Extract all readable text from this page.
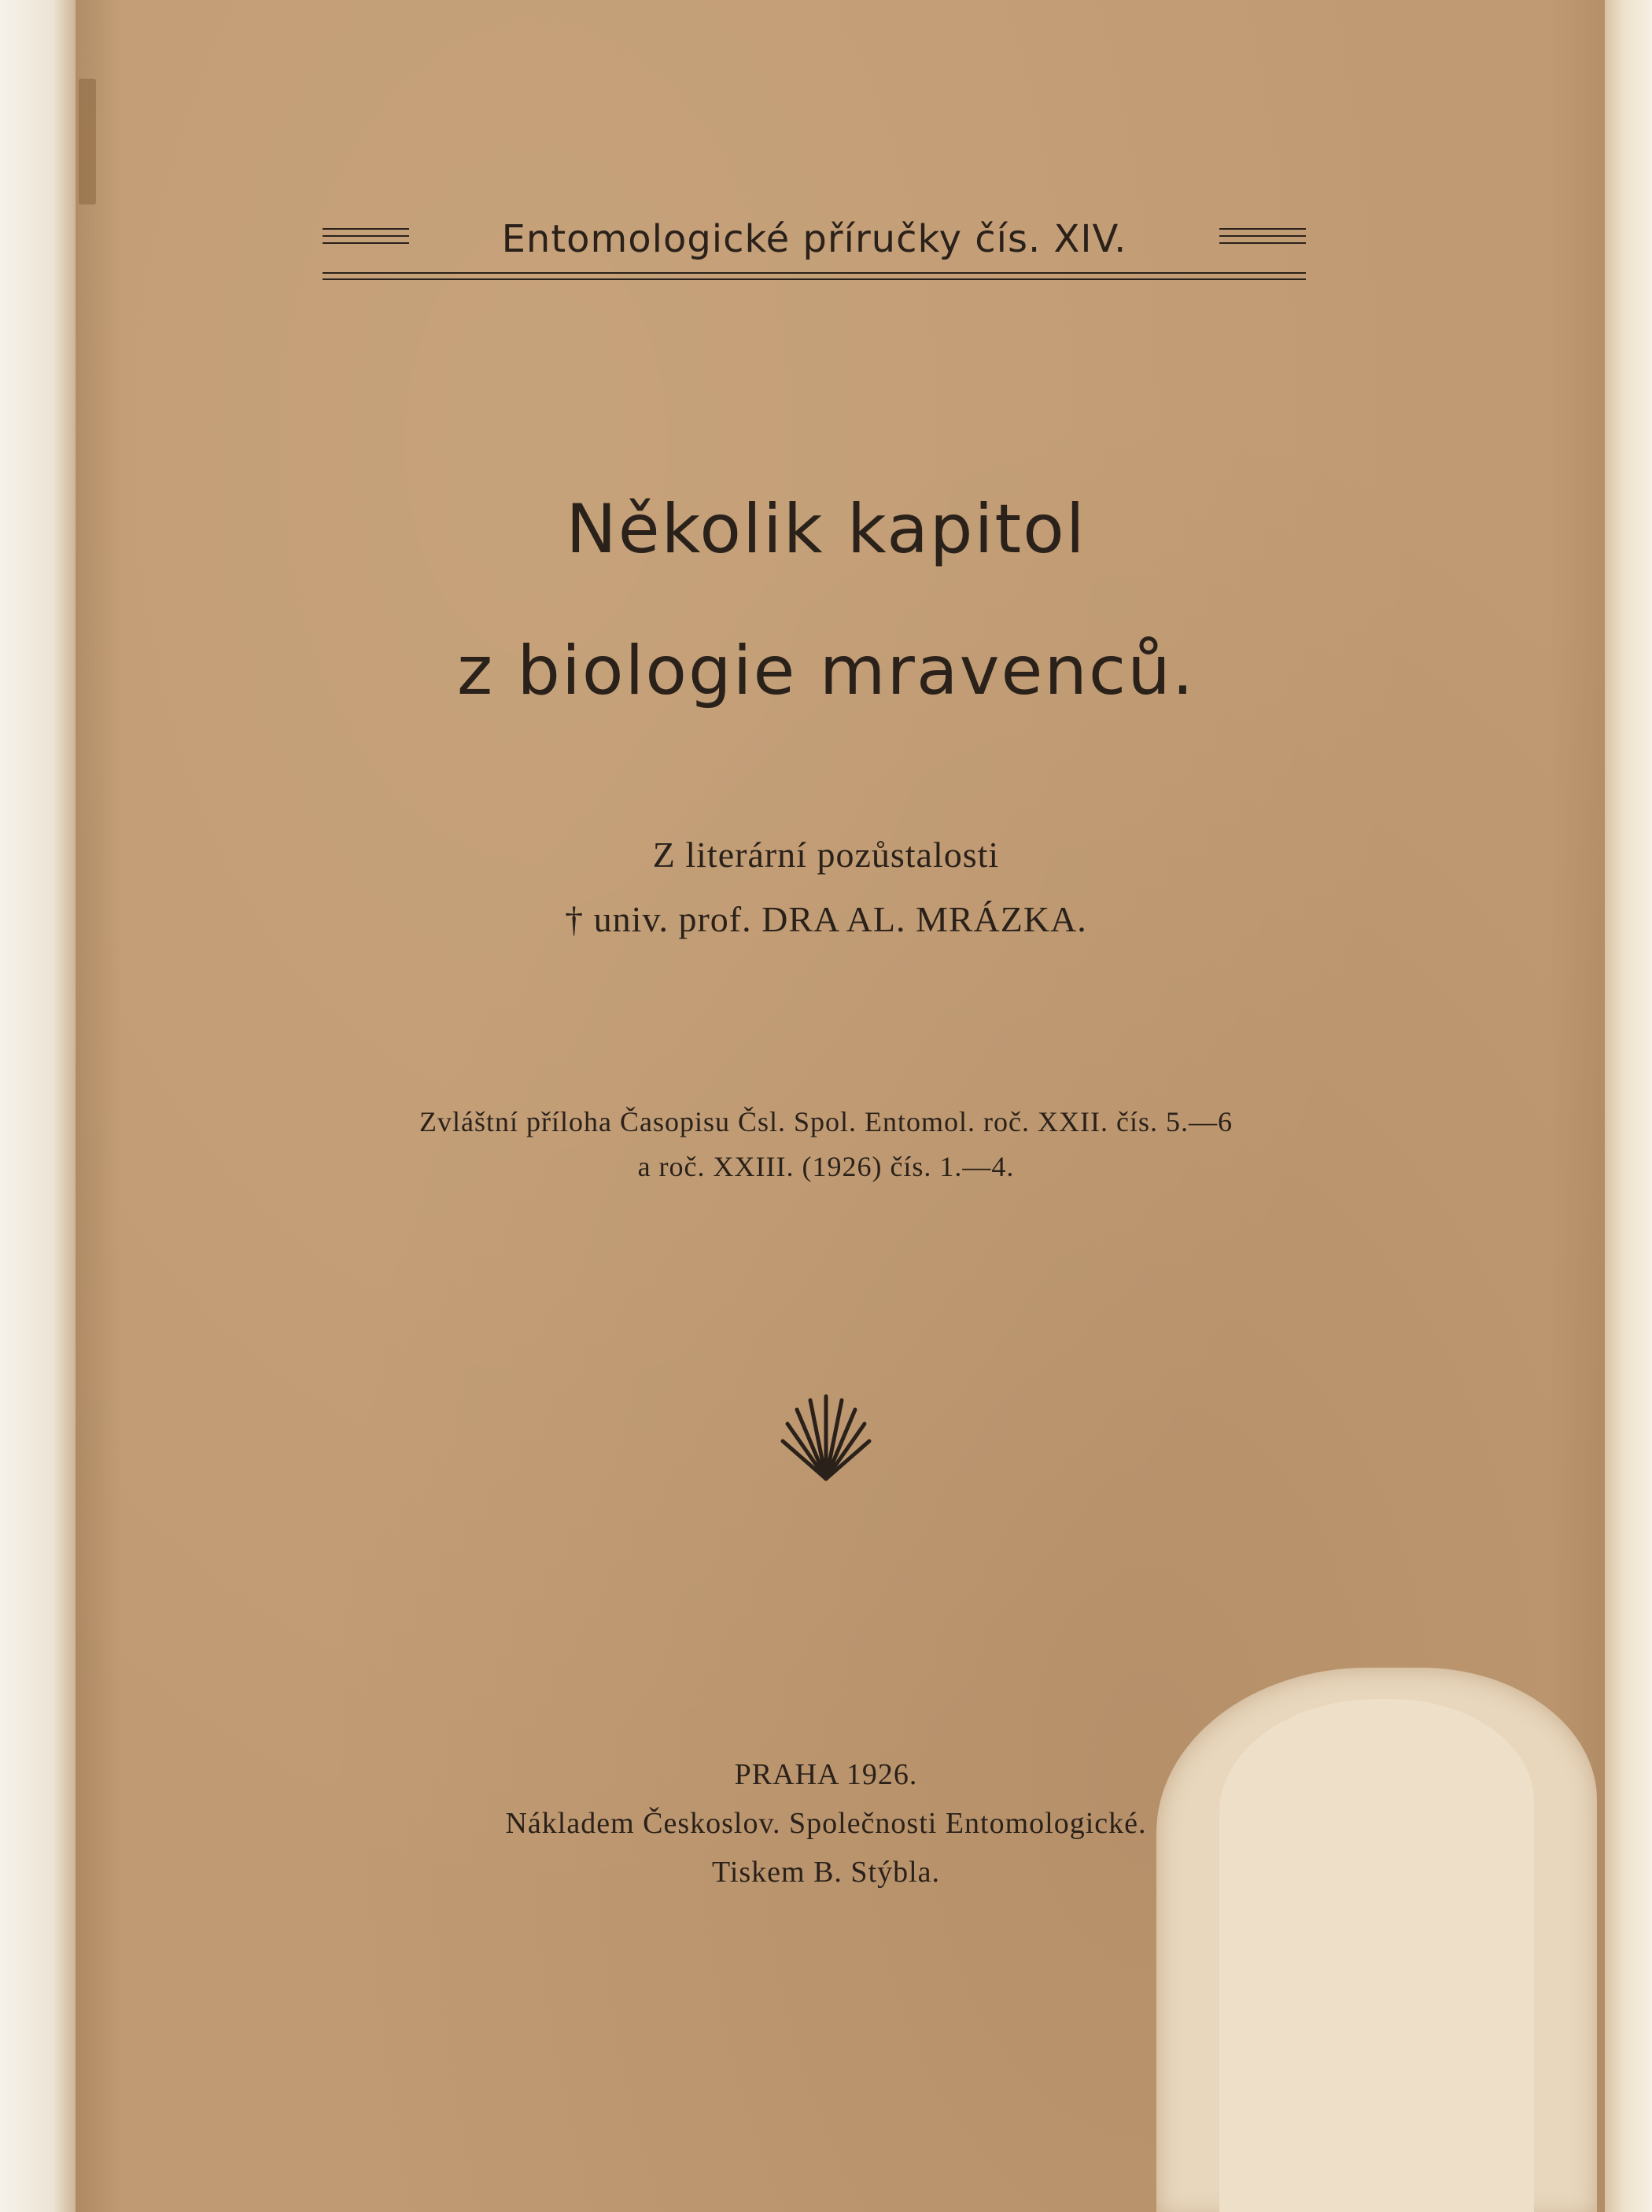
Entomologické příručky čís. XIV.
Několik kapitol
z biologie mravenců.
Z literární pozůstalosti
† univ. prof. DRA AL. MRÁZKA.
Zvláštní příloha Časopisu Čsl. Spol. Entomol. roč. XXII. čís. 5.—6
a roč. XXIII. (1926) čís. 1.—4.
PRAHA 1926.
Nákladem Českoslov. Společnosti Entomologické.
Tiskem B. Stýbla.
